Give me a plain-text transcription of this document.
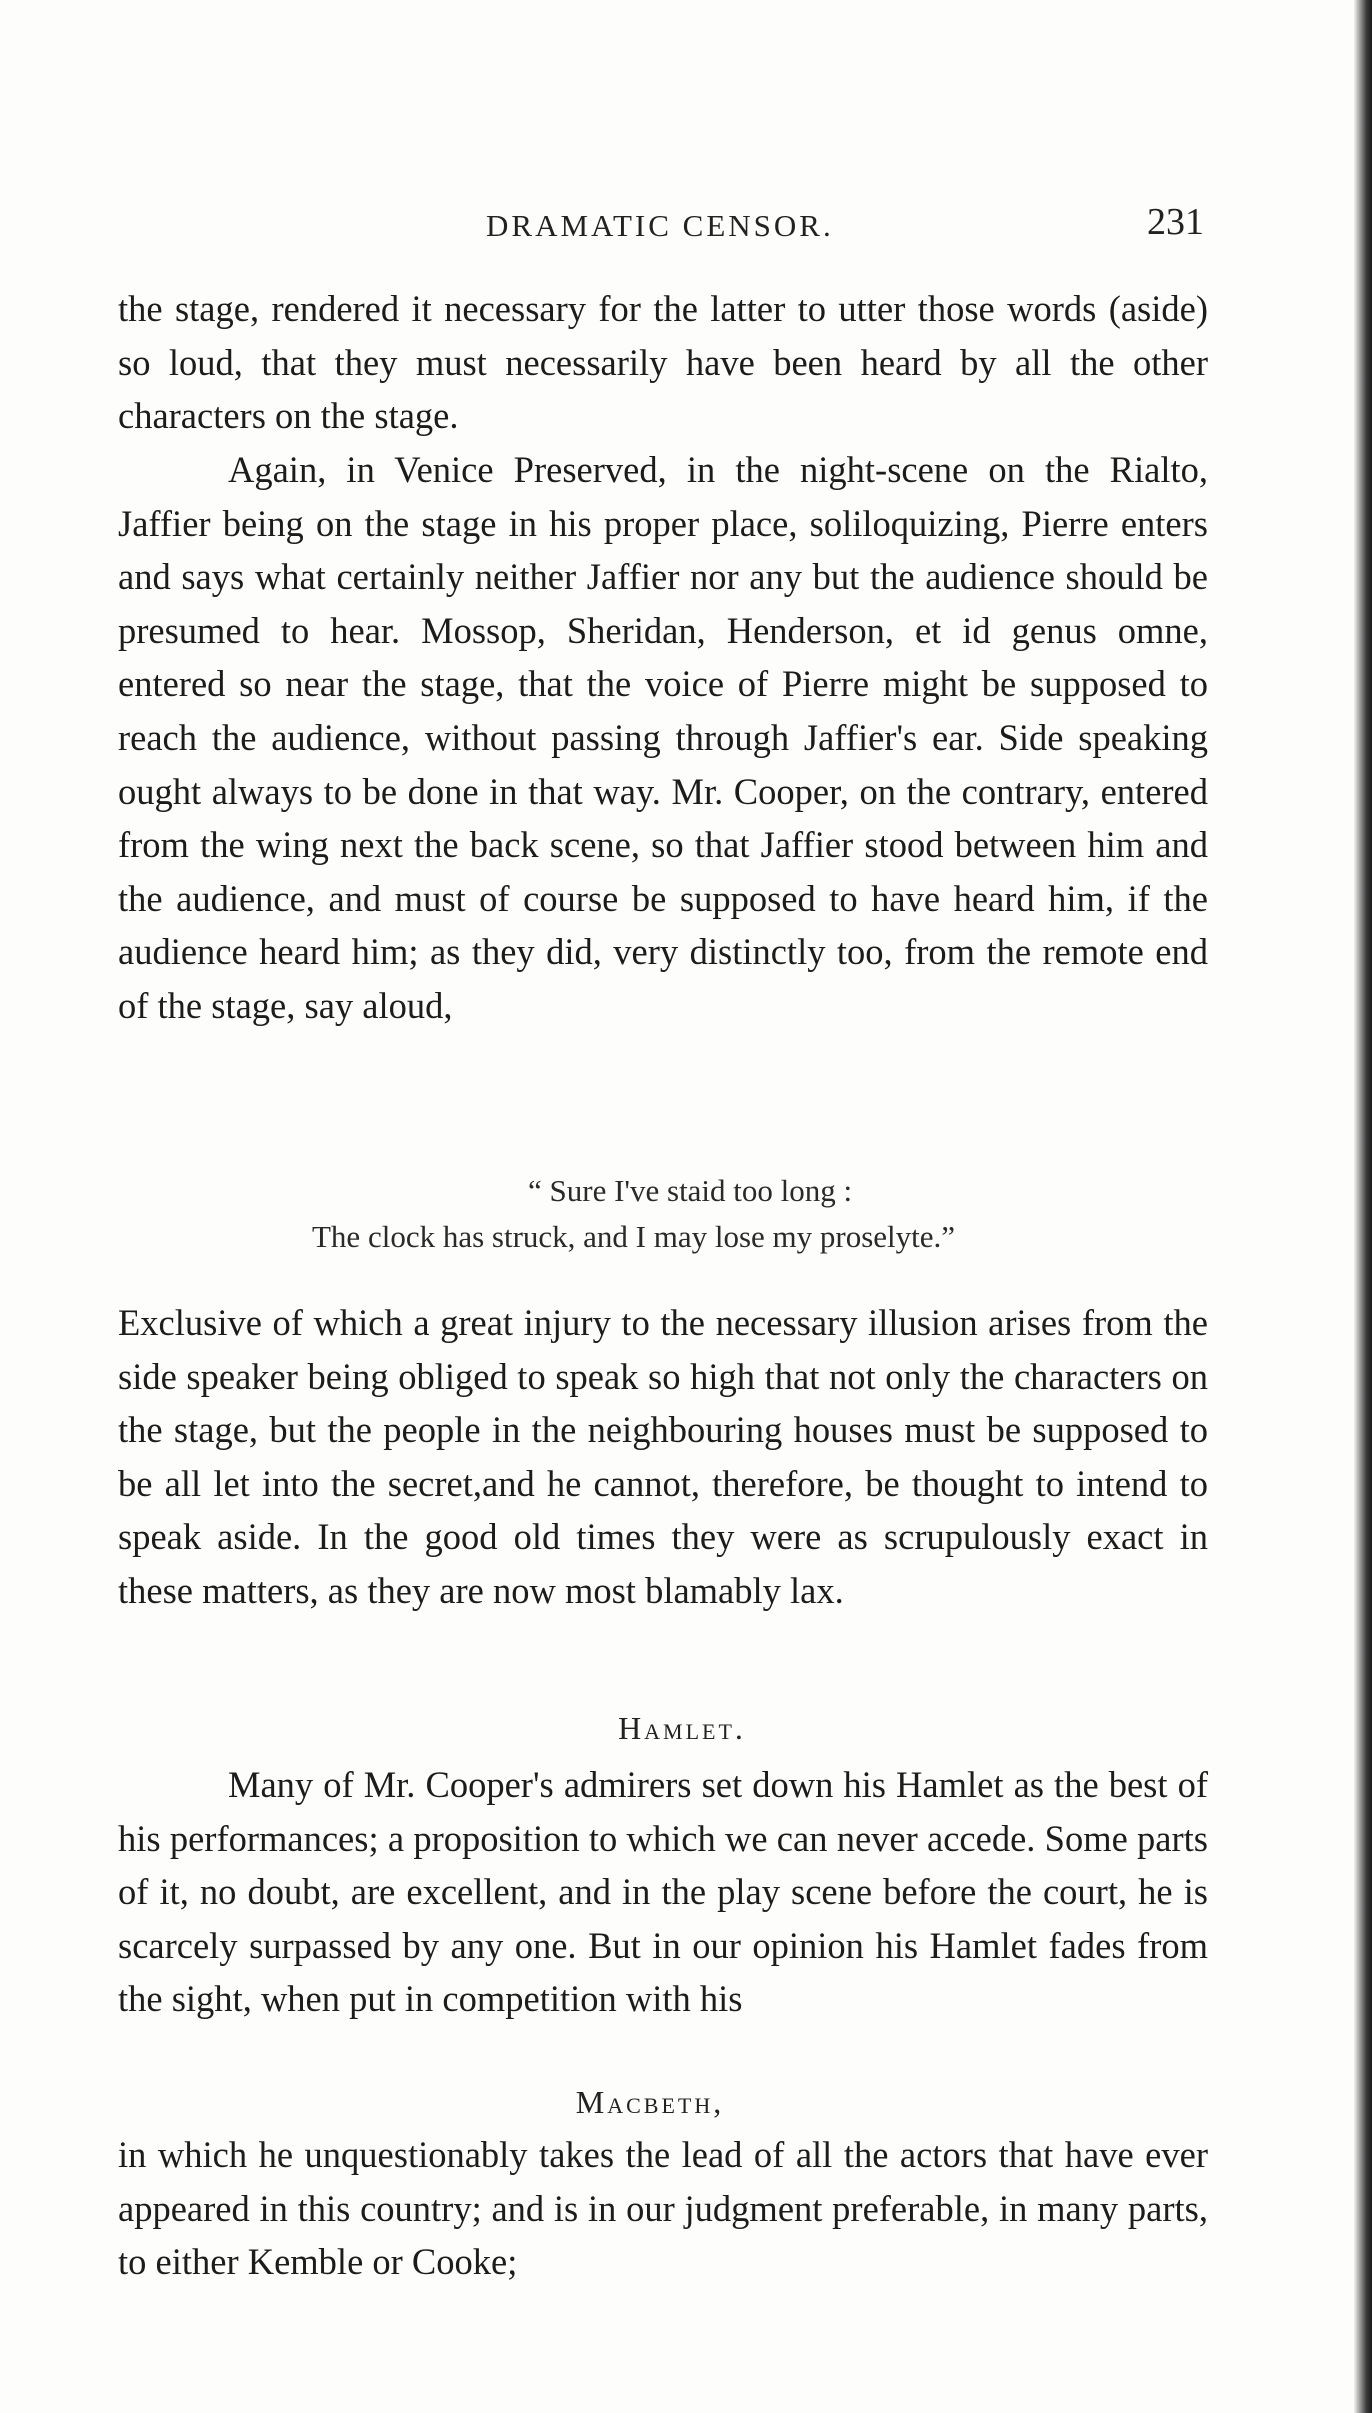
DRAMATIC CENSOR.	231

the stage, rendered it necessary for the latter to utter those words (aside) so loud, that they must necessarily have been heard by all the other characters on the stage.

Again, in Venice Preserved, in the night-scene on the Rialto, Jaffier being on the stage in his proper place, soliloquizing, Pierre enters and says what certainly neither Jaffier nor any but the audience should be presumed to hear. Mossop, Sheridan, Henderson, et id genus omne, entered so near the stage, that the voice of Pierre might be supposed to reach the audience, without passing through Jaffier's ear. Side speaking ought always to be done in that way. Mr. Cooper, on the contrary, entered from the wing next the back scene, so that Jaffier stood between him and the audience, and must of course be supposed to have heard him, if the audience heard him; as they did, very distinctly too, from the remote end of the stage, say aloud,

“ Sure I've staid too long :
The clock has struck, and I may lose my proselyte.”

Exclusive of which a great injury to the necessary illusion arises from the side speaker being obliged to speak so high that not only the characters on the stage, but the people in the neighbouring houses must be supposed to be all let into the secret,and he cannot, therefore, be thought to intend to speak aside. In the good old times they were as scrupulously exact in these matters, as they are now most blamably lax.

Hamlet.

Many of Mr. Cooper's admirers set down his Hamlet as the best of his performances; a proposition to which we can never accede. Some parts of it, no doubt, are excellent, and in the play scene before the court, he is scarcely surpassed by any one. But in our opinion his Hamlet fades from the sight, when put in competition with his

Macbeth,

in which he unquestionably takes the lead of all the actors that have ever appeared in this country; and is in our judgment preferable, in many parts, to either Kemble or Cooke;
